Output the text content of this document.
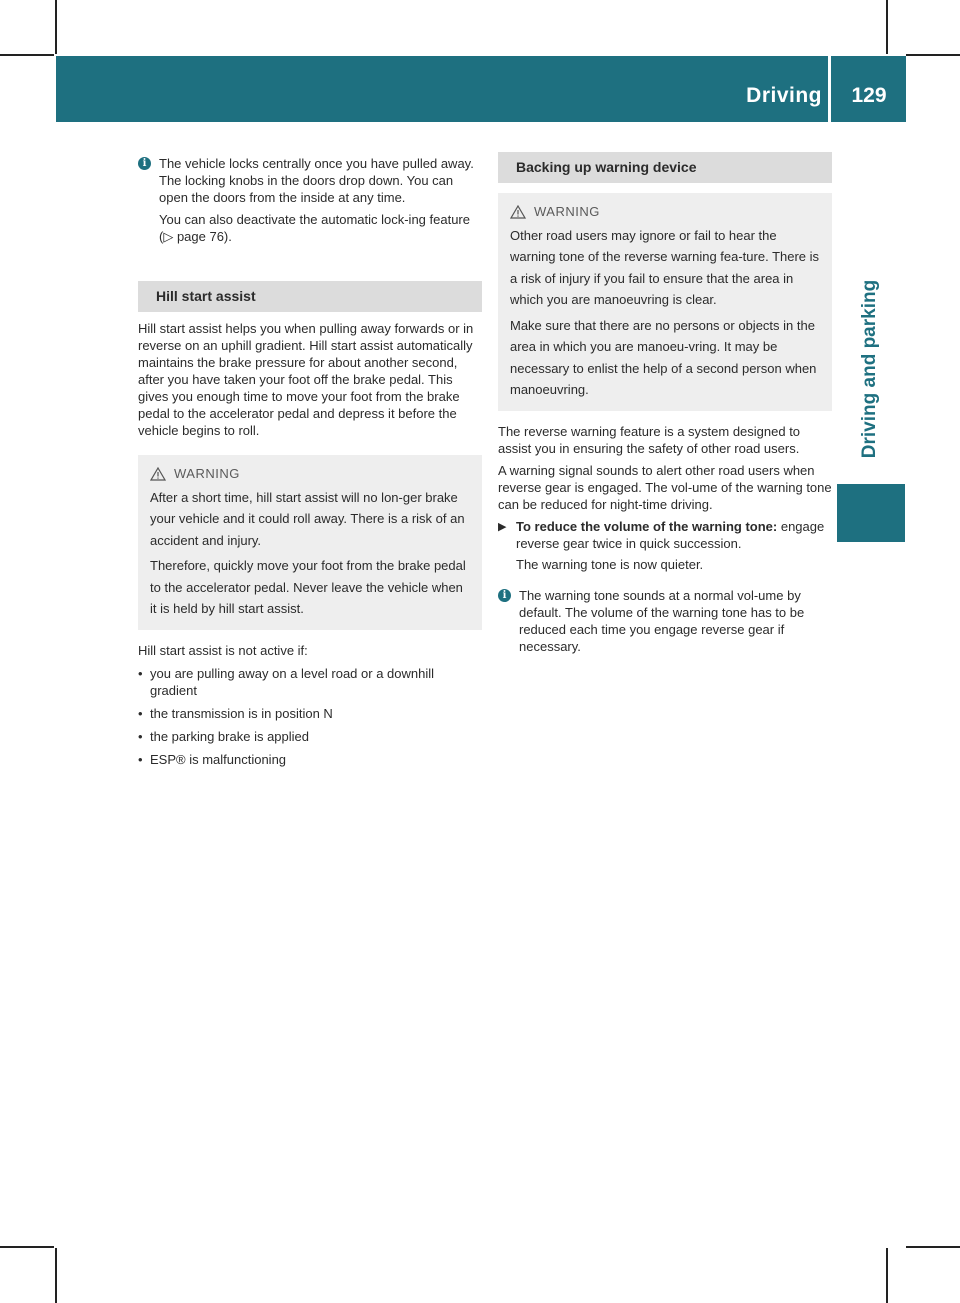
Driving	129
Driving and parking
i The vehicle locks centrally once you have pulled away. The locking knobs in the doors drop down. You can open the doors from the inside at any time.

You can also deactivate the automatic lock-ing feature (▷ page 76).

Hill start assist

Hill start assist helps you when pulling away forwards or in reverse on an uphill gradient. Hill start assist automatically maintains the brake pressure for about another second, after you have taken your foot off the brake pedal. This gives you enough time to move your foot from the brake pedal to the accelerator pedal and depress it before the vehicle begins to roll.

WARNING

After a short time, hill start assist will no lon-ger brake your vehicle and it could roll away. There is a risk of an accident and injury.

Therefore, quickly move your foot from the brake pedal to the accelerator pedal. Never leave the vehicle when it is held by hill start assist.

Hill start assist is not active if:

• you are pulling away on a level road or a downhill gradient
• the transmission is in position N
• the parking brake is applied
• ESP® is malfunctioning
Backing up warning device
WARNING

Other road users may ignore or fail to hear the warning tone of the reverse warning fea-ture. There is a risk of injury if you fail to ensure that the area in which you are manoeuvring is clear.

Make sure that there are no persons or objects in the area in which you are manoeu-vring. It may be necessary to enlist the help of a second person when manoeuvring.

The reverse warning feature is a system designed to assist you in ensuring the safety of other road users.

A warning signal sounds to alert other road users when reverse gear is engaged. The vol-ume of the warning tone can be reduced for night-time driving.

▶ To reduce the volume of the warning tone: engage reverse gear twice in quick succession.

The warning tone is now quieter.

i The warning tone sounds at a normal vol-ume by default. The volume of the warning tone has to be reduced each time you engage reverse gear if necessary.
